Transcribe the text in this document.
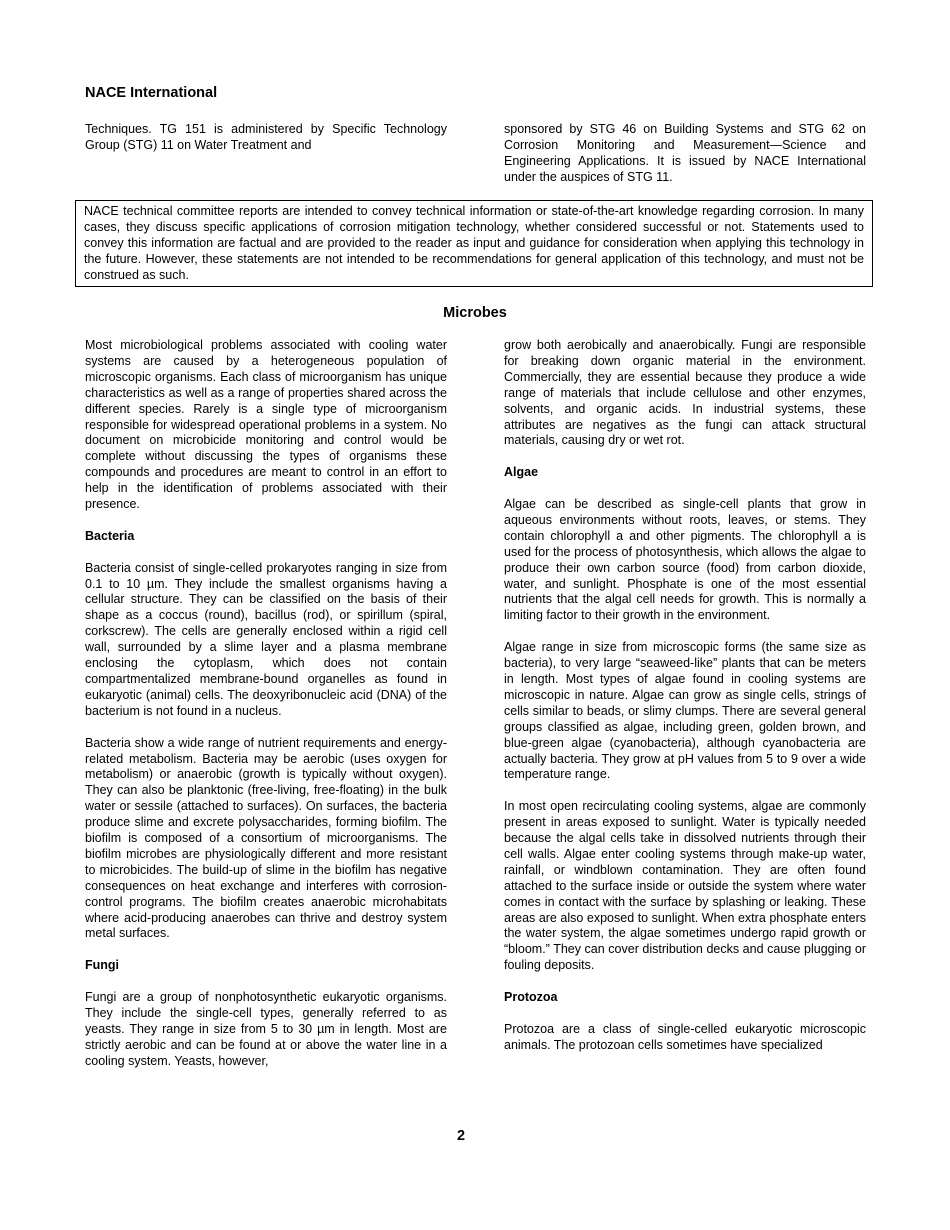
NACE International

Techniques. TG 151 is administered by Specific Technology Group (STG) 11 on Water Treatment and

sponsored by STG 46 on Building Systems and STG 62 on Corrosion Monitoring and Measurement—Science and Engineering Applications. It is issued by NACE International under the auspices of STG 11.

NACE technical committee reports are intended to convey technical information or state-of-the-art knowledge regarding corrosion. In many cases, they discuss specific applications of corrosion mitigation technology, whether considered successful or not. Statements used to convey this information are factual and are provided to the reader as input and guidance for consideration when applying this technology in the future. However, these statements are not intended to be recommendations for general application of this technology, and must not be construed as such.
Microbes

Most microbiological problems associated with cooling water systems are caused by a heterogeneous population of microscopic organisms. Each class of microorganism has unique characteristics as well as a range of properties shared across the different species. Rarely is a single type of microorganism responsible for widespread operational problems in a system. No document on microbicide monitoring and control would be complete without discussing the types of organisms these compounds and procedures are meant to control in an effort to help in the identification of problems associated with their presence.

Bacteria

Bacteria consist of single-celled prokaryotes ranging in size from 0.1 to 10 µm. They include the smallest organisms having a cellular structure. They can be classified on the basis of their shape as a coccus (round), bacillus (rod), or spirillum (spiral, corkscrew). The cells are generally enclosed within a rigid cell wall, surrounded by a slime layer and a plasma membrane enclosing the cytoplasm, which does not contain compartmentalized membrane-bound organelles as found in eukaryotic (animal) cells. The deoxyribonucleic acid (DNA) of the bacterium is not found in a nucleus.

Bacteria show a wide range of nutrient requirements and energy-related metabolism. Bacteria may be aerobic (uses oxygen for metabolism) or anaerobic (growth is typically without oxygen). They can also be planktonic (free-living, free-floating) in the bulk water or sessile (attached to surfaces). On surfaces, the bacteria produce slime and excrete polysaccharides, forming biofilm. The biofilm is composed of a consortium of microorganisms. The biofilm microbes are physiologically different and more resistant to microbicides. The build-up of slime in the biofilm has negative consequences on heat exchange and interferes with corrosion-control programs. The biofilm creates anaerobic microhabitats where acid-producing anaerobes can thrive and destroy system metal surfaces.

Fungi

Fungi are a group of nonphotosynthetic eukaryotic organisms. They include the single-cell types, generally referred to as yeasts. They range in size from 5 to 30 µm in length. Most are strictly aerobic and can be found at or above the water line in a cooling system. Yeasts, however,

grow both aerobically and anaerobically. Fungi are responsible for breaking down organic material in the environment. Commercially, they are essential because they produce a wide range of materials that include cellulose and other enzymes, solvents, and organic acids. In industrial systems, these attributes are negatives as the fungi can attack structural materials, causing dry or wet rot.

Algae

Algae can be described as single-cell plants that grow in aqueous environments without roots, leaves, or stems. They contain chlorophyll a and other pigments. The chlorophyll a is used for the process of photosynthesis, which allows the algae to produce their own carbon source (food) from carbon dioxide, water, and sunlight. Phosphate is one of the most essential nutrients that the algal cell needs for growth. This is normally a limiting factor to their growth in the environment.

Algae range in size from microscopic forms (the same size as bacteria), to very large “seaweed-like” plants that can be meters in length. Most types of algae found in cooling systems are microscopic in nature. Algae can grow as single cells, strings of cells similar to beads, or slimy clumps. There are several general groups classified as algae, including green, golden brown, and blue-green algae (cyanobacteria), although cyanobacteria are actually bacteria. They grow at pH values from 5 to 9 over a wide temperature range.

In most open recirculating cooling systems, algae are commonly present in areas exposed to sunlight. Water is typically needed because the algal cells take in dissolved nutrients through their cell walls. Algae enter cooling systems through make-up water, rainfall, or windblown contamination. They are often found attached to the surface inside or outside the system where water comes in contact with the surface by splashing or leaking. These areas are also exposed to sunlight. When extra phosphate enters the water system, the algae sometimes undergo rapid growth or “bloom.” They can cover distribution decks and cause plugging or fouling deposits.

Protozoa

Protozoa are a class of single-celled eukaryotic microscopic animals. The protozoan cells sometimes have specialized

2
